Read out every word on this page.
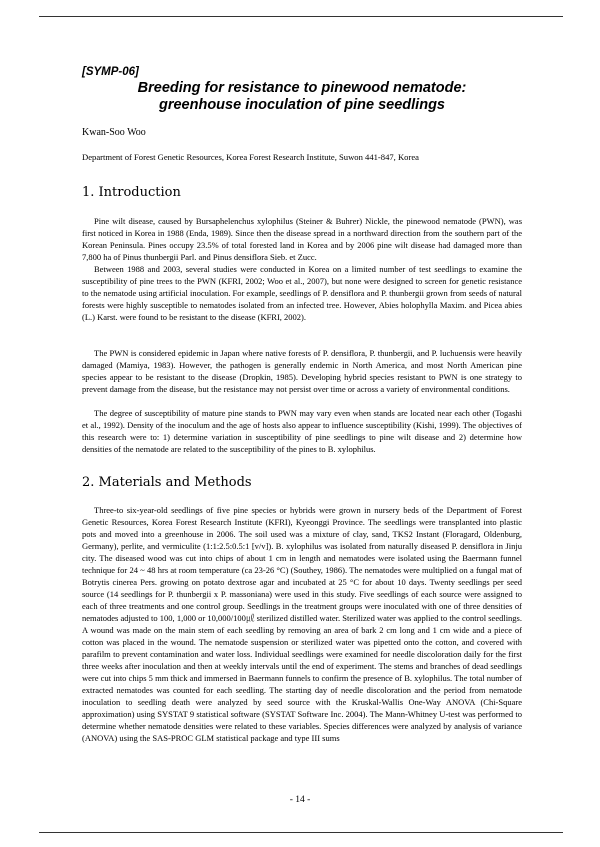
[SYMP-06]
Breeding for resistance to pinewood nematode:
greenhouse inoculation of pine seedlings
Kwan-Soo Woo
Department of Forest Genetic Resources, Korea Forest Research Institute, Suwon 441-847, Korea
1. Introduction

Pine wilt disease, caused by Bursaphelenchus xylophilus (Steiner & Buhrer) Nickle, the pinewood nematode (PWN), was first noticed in Korea in 1988 (Enda, 1989). Since then the disease spread in a northward direction from the southern part of the Korean Peninsula. Pines occupy 23.5% of total forested land in Korea and by 2006 pine wilt disease had damaged more than 7,800 ha of Pinus thunbergii Parl. and Pinus densiflora Sieb. et Zucc.

Between 1988 and 2003, several studies were conducted in Korea on a limited number of test seedlings to examine the susceptibility of pine trees to the PWN (KFRI, 2002; Woo et al., 2007), but none were designed to screen for genetic resistance to the nematode using artificial inoculation. For example, seedlings of P. densiflora and P. thunbergii grown from seeds of natural forests were highly susceptible to nematodes isolated from an infected tree. However, Abies holophylla Maxim. and Picea abies (L.) Karst. were found to be resistant to the disease (KFRI, 2002).

The PWN is considered epidemic in Japan where native forests of P. densiflora, P. thunbergii, and P. luchuensis were heavily damaged (Mamiya, 1983). However, the pathogen is generally endemic in North America, and most North American pine species appear to be resistant to the disease (Dropkin, 1985). Developing hybrid species resistant to PWN is one strategy to prevent damage from the disease, but the resistance may not persist over time or across a variety of environmental conditions.

The degree of susceptibility of mature pine stands to PWN may vary even when stands are located near each other (Togashi et al., 1992). Density of the inoculum and the age of hosts also appear to influence susceptibility (Kishi, 1999). The objectives of this research were to: 1) determine variation in susceptibility of pine seedlings to pine wilt disease and 2) determine how densities of the nematode are related to the susceptibility of the pines to B. xylophilus.

2. Materials and Methods

Three-to six-year-old seedlings of five pine species or hybrids were grown in nursery beds of the Department of Forest Genetic Resources, Korea Forest Research Institute (KFRI), Kyeonggi Province. The seedlings were transplanted into plastic pots and moved into a greenhouse in 2006. The soil used was a mixture of clay, sand, TKS2 Instant (Floragard, Oldenburg, Germany), perlite, and vermiculite (1:1:2.5:0.5:1 [v/v]). B. xylophilus was isolated from naturally diseased P. densiflora in Jinju city. The diseased wood was cut into chips of about 1 cm in length and nematodes were isolated using the Baermann funnel technique for 24 ~ 48 hrs at room temperature (ca 23-26 °C) (Southey, 1986). The nematodes were multiplied on a fungal mat of Botrytis cinerea Pers. growing on potato dextrose agar and incubated at 25 °C for about 10 days. Twenty seedlings per seed source (14 seedlings for P. thunbergii x P. massoniana) were used in this study. Five seedlings of each source were assigned to each of three treatments and one control group. Seedlings in the treatment groups were inoculated with one of three densities of nematodes adjusted to 100, 1,000 or 10,000/100㎕ sterilized distilled water. Sterilized water was applied to the control seedlings. A wound was made on the main stem of each seedling by removing an area of bark 2 cm long and 1 cm wide and a piece of cotton was placed in the wound. The nematode suspension or sterilized water was pipetted onto the cotton, and covered with parafilm to prevent contamination and water loss. Individual seedlings were examined for needle discoloration daily for the first three weeks after inoculation and then at weekly intervals until the end of experiment. The stems and branches of dead seedlings were cut into chips 5 mm thick and immersed in Baermann funnels to confirm the presence of B. xylophilus. The total number of extracted nematodes was counted for each seedling. The starting day of needle discoloration and the period from nematode inoculation to seedling death were analyzed by seed source with the Kruskal-Wallis One-Way ANOVA (Chi-Square approximation) using SYSTAT 9 statistical software (SYSTAT Software Inc. 2004). The Mann-Whitney U-test was performed to determine whether nematode densities were related to these variables. Species differences were analyzed by analysis of variance (ANOVA) using the SAS-PROC GLM statistical package and type III sums

- 14 -
